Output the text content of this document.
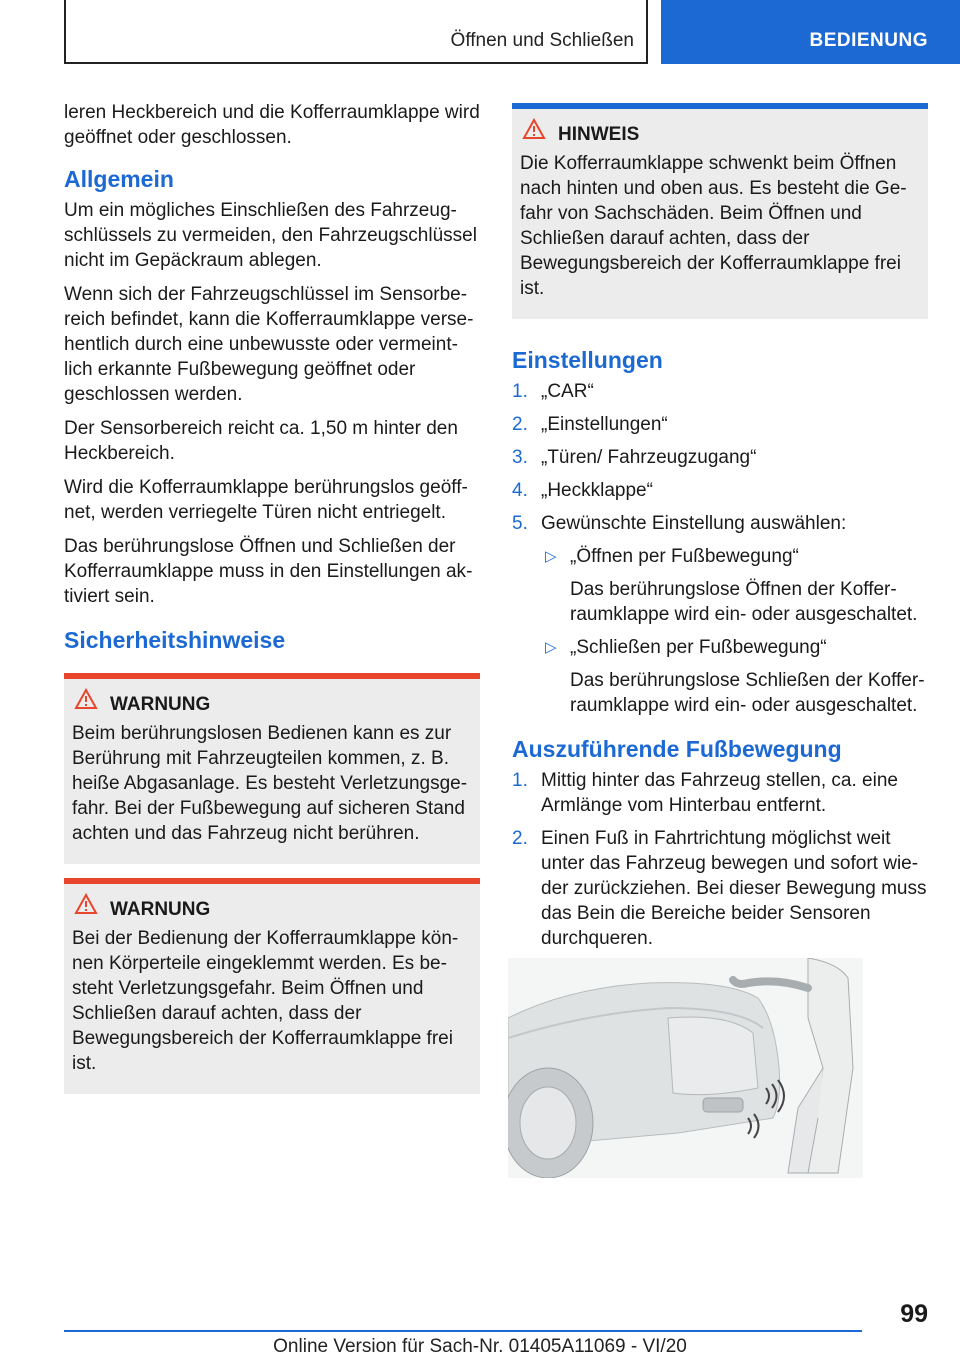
Öffnen und Schließen	BEDIENUNG

leren Heckbereich und die Kofferraumklappe wird geöffnet oder geschlossen.

Allgemein

Um ein mögliches Einschließen des Fahrzeugschlüssels zu vermeiden, den Fahrzeugschlüssel nicht im Gepäckraum ablegen.

Wenn sich der Fahrzeugschlüssel im Sensorbereich befindet, kann die Kofferraumklappe versehentlich durch eine unbewusste oder vermeintlich erkannte Fußbewegung geöffnet oder geschlossen werden.

Der Sensorbereich reicht ca. 1,50 m hinter den Heckbereich.

Wird die Kofferraumklappe berührungslos geöffnet, werden verriegelte Türen nicht entriegelt.

Das berührungslose Öffnen und Schließen der Kofferraumklappe muss in den Einstellungen aktiviert sein.

Sicherheitshinweise
WARNUNG
Beim berührungslosen Bedienen kann es zur Berührung mit Fahrzeugteilen kommen, z. B. heiße Abgasanlage. Es besteht Verletzungsgefahr. Bei der Fußbewegung auf sicheren Stand achten und das Fahrzeug nicht berühren.
WARNUNG
Bei der Bedienung der Kofferraumklappe können Körperteile eingeklemmt werden. Es besteht Verletzungsgefahr. Beim Öffnen und Schließen darauf achten, dass der Bewegungsbereich der Kofferraumklappe frei ist.
HINWEIS
Die Kofferraumklappe schwenkt beim Öffnen nach hinten und oben aus. Es besteht die Gefahr von Sachschäden. Beim Öffnen und Schließen darauf achten, dass der Bewegungsbereich der Kofferraumklappe frei ist.
Einstellungen
1. „CAR“
2. „Einstellungen“
3. „Türen/ Fahrzeugzugang“
4. „Heckklappe“
5. Gewünschte Einstellung auswählen:
▷ „Öffnen per Fußbewegung“
Das berührungslose Öffnen der Kofferraumklappe wird ein- oder ausgeschaltet.
▷ „Schließen per Fußbewegung“
Das berührungslose Schließen der Kofferraumklappe wird ein- oder ausgeschaltet.
Auszuführende Fußbewegung
1. Mittig hinter das Fahrzeug stellen, ca. eine Armlänge vom Hinterbau entfernt.
2. Einen Fuß in Fahrtrichtung möglichst weit unter das Fahrzeug bewegen und sofort wieder zurückziehen. Bei dieser Bewegung muss das Bein die Bereiche beider Sensoren durchqueren.
99
Online Version für Sach-Nr. 01405A11069 - VI/20
